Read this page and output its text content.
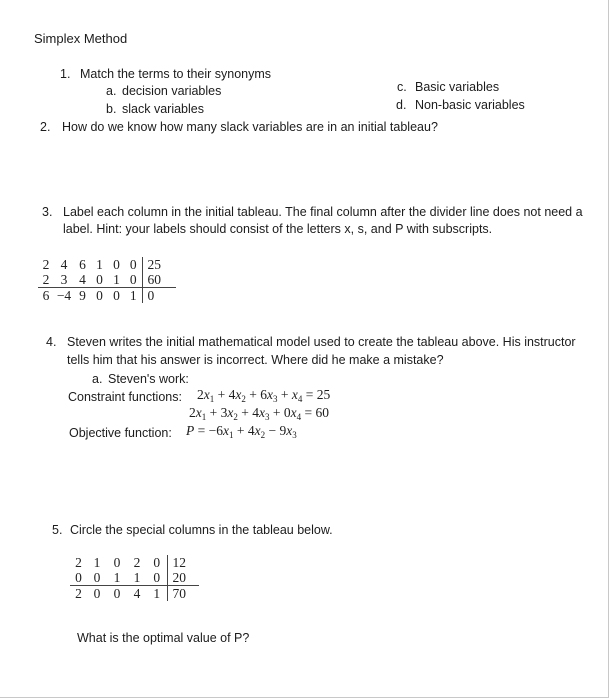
Simplex Method
1. Match the terms to their synonyms
a. decision variables
b. slack variables
c. Basic variables
d. Non-basic variables
2. How do we know how many slack variables are in an initial tableau?
3. Label each column in the initial tableau. The final column after the divider line does not need a
label. Hint: your labels should consist of the letters x, s, and P with subscripts.
2	4	6	1	0	0	25
2	3	4	0	1	0	60
6	−4	9	0	0	1	0
4. Steven writes the initial mathematical model used to create the tableau above. His instructor
tells him that his answer is incorrect. Where did he make a mistake?
a. Steven's work:
Constraint functions: $2x_1 + 4x_2 + 6x_3 + x_4 = 25$
$2x_1 + 3x_2 + 4x_3 + 0x_4 = 60$
Objective function: $P = -6x_1 + 4x_2 - 9x_3$
5. Circle the special columns in the tableau below.
2	1	0	2	0	12
0	0	1	1	0	20
2	0	0	4	1	70
What is the optimal value of P?
